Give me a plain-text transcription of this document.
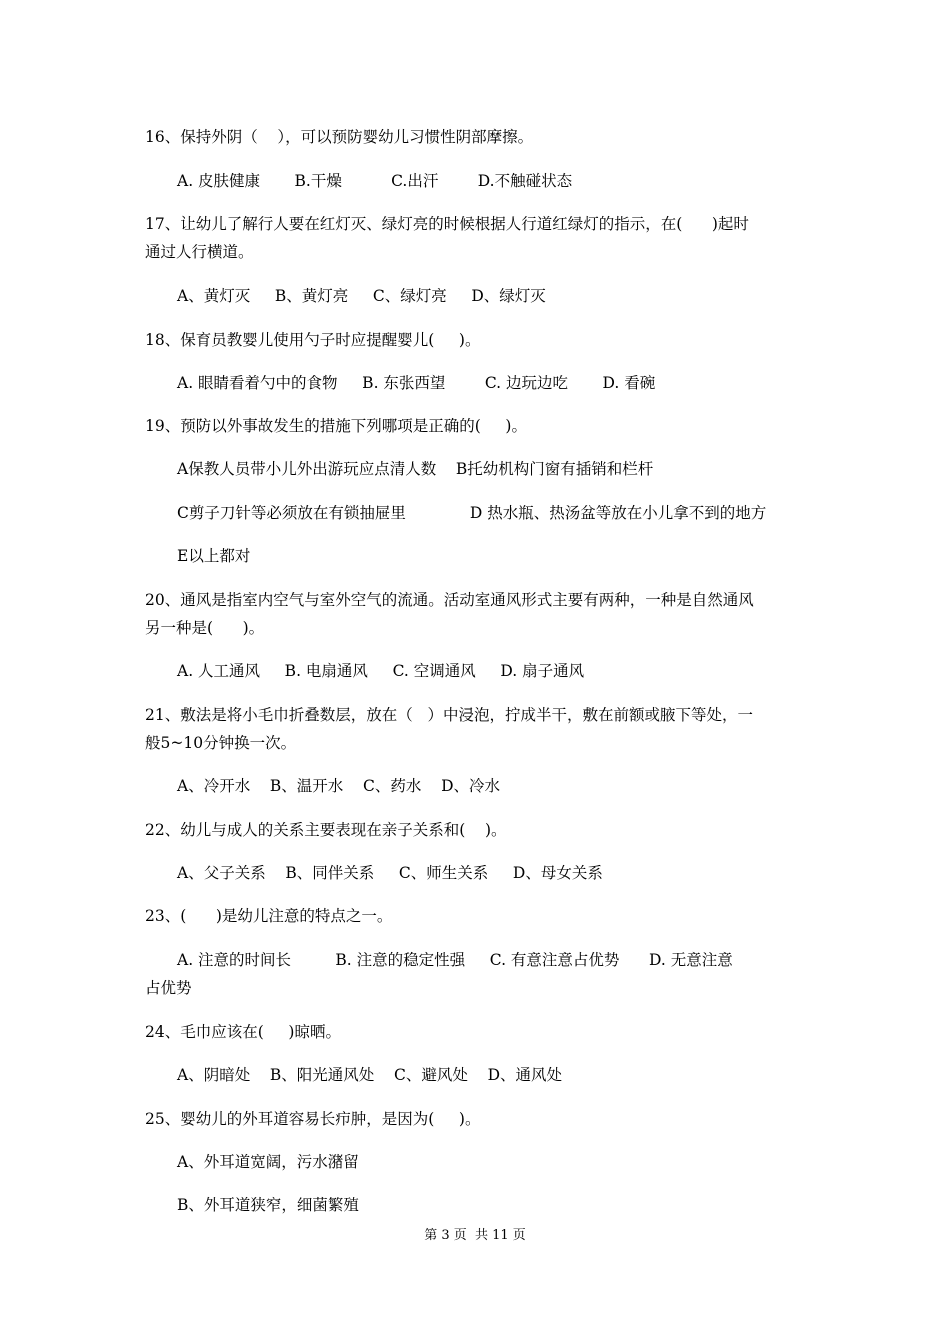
16、保持外阴（    ），可以预防婴幼儿习惯性阴部摩擦。
A. 皮肤健康       B.干燥          C.出汗        D.不触碰状态
17、让幼儿了解行人要在红灯灭、绿灯亮的时候根据人行道红绿灯的指示，在(      )起时
通过人行横道。
A、黄灯灭     B、黄灯亮     C、绿灯亮     D、绿灯灭
18、保育员教婴儿使用勺子时应提醒婴儿(     )。
A. 眼睛看着勺中的食物     B. 东张西望        C. 边玩边吃       D. 看碗
19、预防以外事故发生的措施下列哪项是正确的(     )。
A保教人员带小儿外出游玩应点清人数    B托幼机构门窗有插销和栏杆
C剪子刀针等必须放在有锁抽屉里             D 热水瓶、热汤盆等放在小儿拿不到的地方
E以上都对
20、通风是指室内空气与室外空气的流通。活动室通风形式主要有两种，一种是自然通风
另一种是(      )。
A. 人工通风     B. 电扇通风     C. 空调通风     D. 扇子通风
21、敷法是将小毛巾折叠数层，放在（   ）中浸泡，拧成半干，敷在前额或腋下等处，一
般5~10分钟换一次。
A、冷开水    B、温开水    C、药水    D、冷水
22、幼儿与成人的关系主要表现在亲子关系和(    )。
A、父子关系    B、同伴关系     C、师生关系     D、母女关系
23、(      )是幼儿注意的特点之一。
A. 注意的时间长         B. 注意的稳定性强     C. 有意注意占优势      D. 无意注意
占优势
24、毛巾应该在(     )晾晒。
A、阴暗处    B、阳光通风处    C、避风处    D、通风处
25、婴幼儿的外耳道容易长疖肿，是因为(     )。
A、外耳道宽阔，污水潴留
B、外耳道狭窄，细菌繁殖
第 3 页  共 11 页
